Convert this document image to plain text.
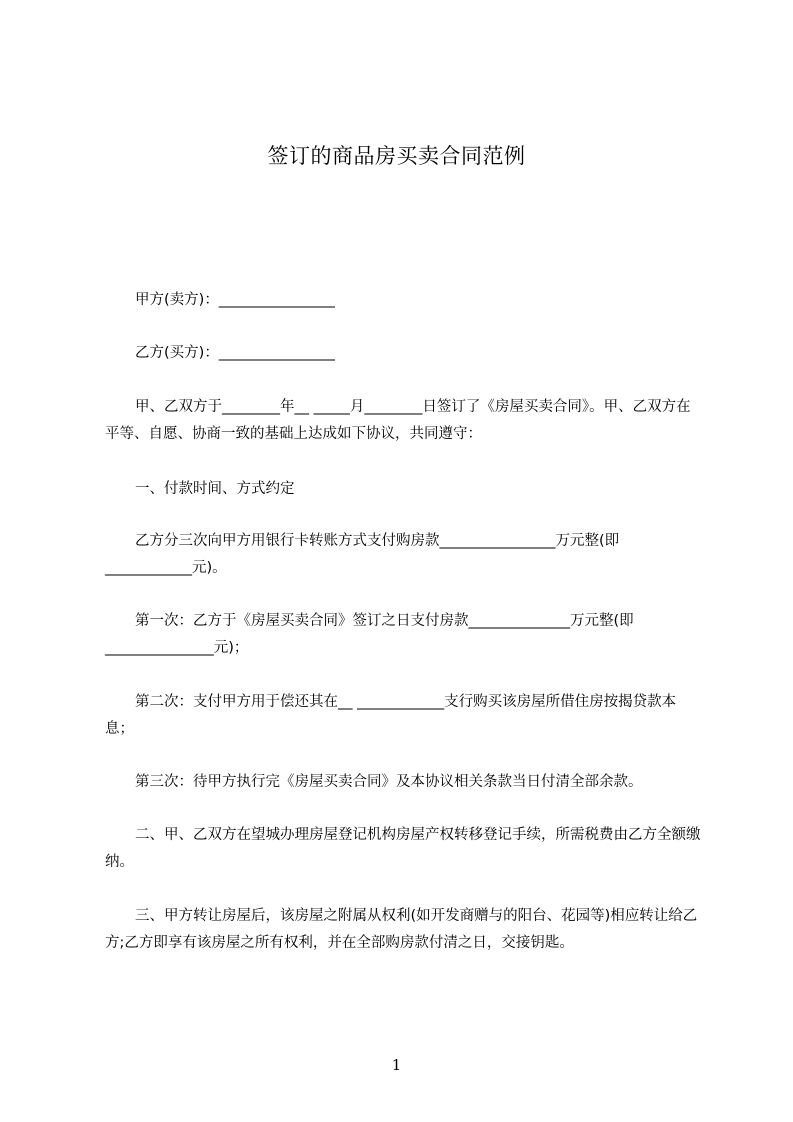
签订的商品房买卖合同范例
甲方(卖方)：________________
乙方(买方)：________________
甲、乙双方于________年__ _____月________日签订了《房屋买卖合同》。甲、乙双方在平等、自愿、协商一致的基础上达成如下协议，共同遵守：
一、付款时间、方式约定
乙方分三次向甲方用银行卡转账方式支付购房款________________万元整(即____________元)。
第一次：乙方于《房屋买卖合同》签订之日支付房款______________万元整(即_______________元)；
第二次：支付甲方用于偿还其在__ ____________支行购买该房屋所借住房按揭贷款本息；
第三次：待甲方执行完《房屋买卖合同》及本协议相关条款当日付清全部余款。
二、甲、乙双方在望城办理房屋登记机构房屋产权转移登记手续，所需税费由乙方全额缴纳。
三、甲方转让房屋后，该房屋之附属从权利(如开发商赠与的阳台、花园等)相应转让给乙方;乙方即享有该房屋之所有权利，并在全部购房款付清之日，交接钥匙。
1
